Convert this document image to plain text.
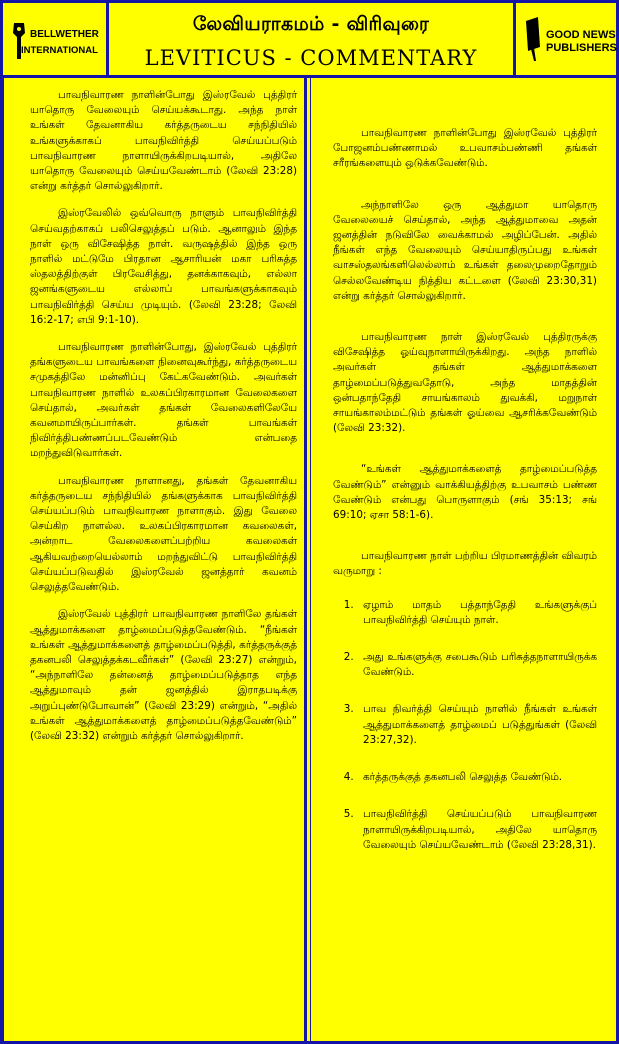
BELLWETHER
INTERNATIONAL
லேவியராகமம் - விரிவுரை
LEVITICUS - COMMENTARY
GOOD NEWS
PUBLISHERS

பாவநிவாரண நாளின்போது இஸ்ரவேல் புத்திரர் யாதொரு வேலையும் செய்யக்கூடாது. அந்த நாள் உங்கள் தேவனாகிய கர்த்தருடைய சந்நிதியில் உங்களுக்காகப் பாவநிவிர்த்தி செய்யப்படும் பாவநிவாரண நாளாயிருக்கிறபடியால், அதிலே யாதொரு வேலையும் செய்யவேண்டாம் (லேவி 23:28) என்று கர்த்தர் சொல்லுகிறார்.

இஸ்ரவேலில் ஒவ்வொரு நாளும் பாவநிவிர்த்தி செய்வதற்காகப் பலிசெலுத்தப் படும். ஆனாலும் இந்த நாள் ஒரு விசேஷித்த நாள். வருஷத்தில் இந்த ஒரு நாளில் மட்டுமே பிரதான ஆசாரியன் மகா பரிசுத்த ஸ்தலத்திற்குள் பிரவேசித்து, தனக்காகவும், எல்லா ஜனங்களுடைய எல்லாப் பாவங்களுக்காகவும் பாவநிவிர்த்தி செய்ய முடியும். (லேவி 23:28; லேவி 16:2-17; எபி 9:1-10).

பாவநிவாரண நாளின்போது, இஸ்ரவேல் புத்திரர் தங்களுடைய பாவங்களை நினைவுகூர்ந்து, கர்த்தருடைய சமுகத்திலே மன்னிப்பு கேட்கவேண்டும். அவர்கள் பாவநிவாரண நாளில் உலகப்பிரகாரமான வேலைகளை செய்தால், அவர்கள் தங்கள் வேலைகளிலேயே கவனமாயிருப்பார்கள். தங்கள் பாவங்கள் நிவிர்த்திபண்ணப்படவேண்டும் என்பதை மறந்துவிடுவார்கள்.

பாவநிவாரண நாளானது, தங்கள் தேவனாகிய கர்த்தருடைய சந்நிதியில் தங்களுக்காக பாவநிவிர்த்தி செய்யப்படும் பாவநிவாரண நாளாகும். இது வேலை செய்கிற நாளல்ல. உலகப்பிரகாரமான கவலைகள், அன்றாட வேலைகளைப்பற்றிய கவலைகள் ஆகியவற்றையெல்லாம் மறந்துவிட்டு பாவநிவிர்த்தி செய்யப்படுவதில் இஸ்ரவேல் ஜனத்தார் கவனம் செலுத்தவேண்டும்.

இஸ்ரவேல் புத்திரர் பாவநிவாரண நாளிலே தங்கள் ஆத்துமாக்களை தாழ்மைப்படுத்தவேண்டும். “நீங்கள் உங்கள் ஆத்துமாக்களைத் தாழ்மைப்படுத்தி, கர்த்தருக்குத் தகனபலி செலுத்தக்கடவீர்கள்” (லேவி 23:27) என்றும், “அந்நாளிலே தன்னைத் தாழ்மைப்படுத்தாத எந்த ஆத்துமாவும் தன் ஜனத்தில் இராதபடிக்கு அறுப்புண்டுபோவான்” (லேவி 23:29) என்றும், “அதில் உங்கள் ஆத்துமாக்களைத் தாழ்மைப்படுத்தவேண்டும்” (லேவி 23:32) என்றும் கர்த்தர் சொல்லுகிறார்.

பாவநிவாரண நாளின்போது இஸ்ரவேல் புத்திரர் போஜனம்பண்ணாமல் உபவாசம்பண்ணி தங்கள் சரீரங்களையும் ஒடுக்கவேண்டும்.

அந்நாளிலே ஒரு ஆத்துமா யாதொரு வேலையைச் செய்தால், அந்த ஆத்துமாவை அதன் ஜனத்தின் நடுவிலே வைக்காமல் அழிப்பேன். அதில் நீங்கள் எந்த வேலையும் செய்யாதிருப்பது உங்கள் வாசஸ்தலங்களிலெல்லாம் உங்கள் தலைமுறைதோறும் செல்லவேண்டிய நித்திய கட்டளை (லேவி 23:30,31) என்று கர்த்தர் சொல்லுகிறார்.

பாவநிவாரண நாள் இஸ்ரவேல் புத்திரருக்கு விசேஷித்த ஓய்வுநாளாயிருக்கிறது. அந்த நாளில் அவர்கள் தங்கள் ஆத்துமாக்களை தாழ்மைப்படுத்துவதோடு, அந்த மாதத்தின் ஒன்பதாந்தேதி சாயங்காலம் துவக்கி, மறுநாள் சாயங்காலம்மட்டும் தங்கள் ஓய்வை ஆசரிக்கவேண்டும் (லேவி 23:32).

“உங்கள் ஆத்துமாக்களைத் தாழ்மைப்படுத்த வேண்டும்” என்னும் வாக்கியத்திற்கு உபவாசம் பண்ண வேண்டும் என்பது பொருளாகும் (சங் 35:13; சங் 69:10; ஏசா 58:1-6).

பாவநிவாரண நாள் பற்றிய பிரமாணத்தின் விவரம் வருமாறு :

1. ஏழாம் மாதம் பத்தாந்தேதி உங்களுக்குப் பாவநிவிர்த்தி செய்யும் நாள்.
2. அது உங்களுக்கு சபைகூடும் பரிசுத்தநாளாயிருக்க வேண்டும்.
3. பாவ நிவர்த்தி செய்யும் நாளில் நீங்கள் உங்கள் ஆத்துமாக்களைத் தாழ்மைப் படுத்துங்கள் (லேவி 23:27,32).
4. கர்த்தருக்குத் தகனபலி செலுத்த வேண்டும்.
5. பாவநிவிர்த்தி செய்யப்படும் பாவநிவாரண நாளாயிருக்கிறபடியால், அதிலே யாதொரு வேலையும் செய்யவேண்டாம் (லேவி 23:28,31).
